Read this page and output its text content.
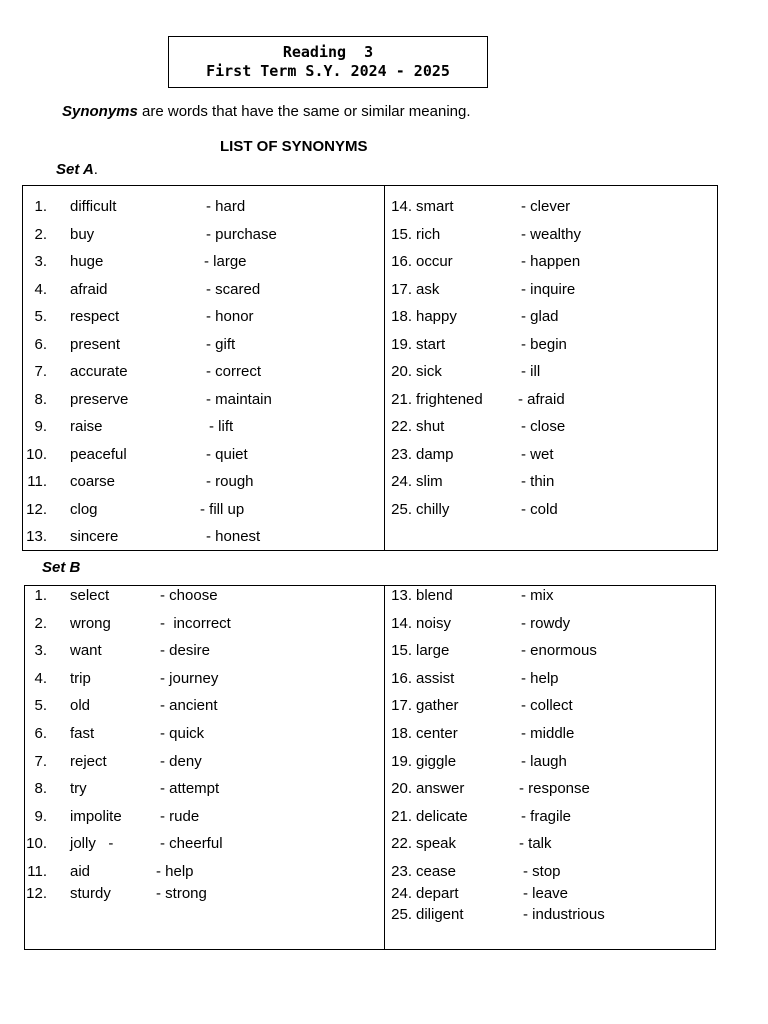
Reading  3
First Term S.Y. 2024 - 2025
Synonyms are words that have the same or similar meaning.
LIST OF SYNONYMS
Set A.
Set B
1. difficult	- hard
2. buy	- purchase
3. huge	- large
4. afraid	- scared
5. respect	- honor
6. present	- gift
7. accurate	- correct
8. preserve	- maintain
9. raise	- lift
10. peaceful	- quiet
11. coarse	- rough
12. clog	- fill up
13. sincere	- honest
14. smart	- clever
15. rich	- wealthy
16. occur	- happen
17. ask	- inquire
18. happy	- glad
19. start	- begin
20. sick	- ill
21. frightened - afraid
22. shut	- close
23. damp	- wet
24. slim	- thin
25. chilly	- cold
1. select	- choose
2. wrong	-  incorrect
3. want	- desire
4. trip	- journey
5. old	- ancient
6. fast	- quick
7. reject	- deny
8. try	- attempt
9. impolite	- rude
10. jolly   -	- cheerful
11. aid	- help
12. sturdy	- strong
13. blend	- mix
14. noisy	- rowdy
15. large	- enormous
16. assist	- help
17. gather	- collect
18. center	- middle
19. giggle	- laugh
20. answer	- response
21. delicate	- fragile
22. speak	- talk
23. cease	- stop
24. depart	- leave
25. diligent	- industrious
